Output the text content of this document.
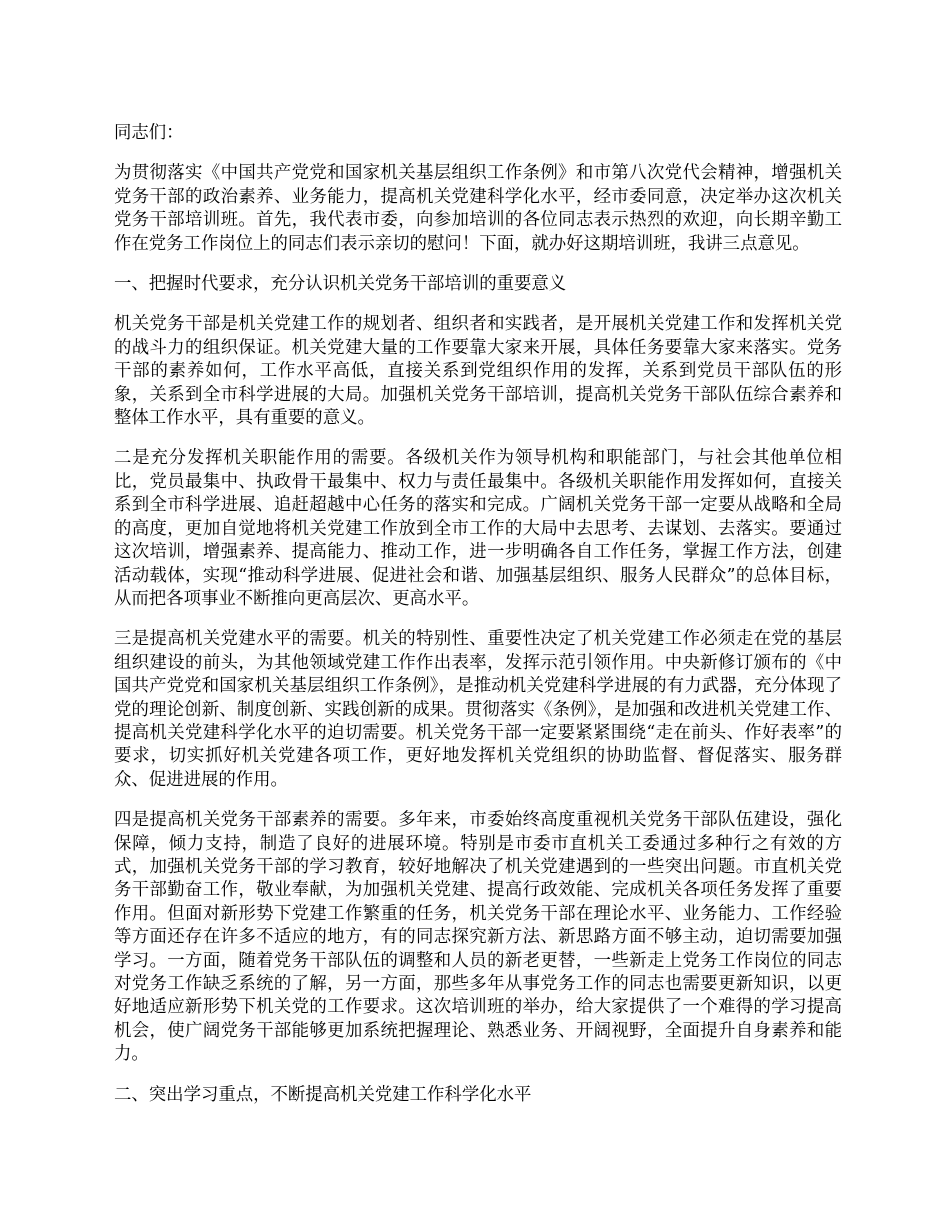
同志们：

为贯彻落实《中国共产党党和国家机关基层组织工作条例》和市第八次党代会精神，增强机关党务干部的政治素养、业务能力，提高机关党建科学化水平，经市委同意，决定举办这次机关党务干部培训班。首先，我代表市委，向参加培训的各位同志表示热烈的欢迎，向长期辛勤工作在党务工作岗位上的同志们表示亲切的慰问！下面，就办好这期培训班，我讲三点意见。

一、把握时代要求，充分认识机关党务干部培训的重要意义

机关党务干部是机关党建工作的规划者、组织者和实践者，是开展机关党建工作和发挥机关党的战斗力的组织保证。机关党建大量的工作要靠大家来开展，具体任务要靠大家来落实。党务干部的素养如何，工作水平高低，直接关系到党组织作用的发挥，关系到党员干部队伍的形象，关系到全市科学进展的大局。加强机关党务干部培训，提高机关党务干部队伍综合素养和整体工作水平，具有重要的意义。

二是充分发挥机关职能作用的需要。各级机关作为领导机构和职能部门，与社会其他单位相比，党员最集中、执政骨干最集中、权力与责任最集中。各级机关职能作用发挥如何，直接关系到全市科学进展、追赶超越中心任务的落实和完成。广阔机关党务干部一定要从战略和全局的高度，更加自觉地将机关党建工作放到全市工作的大局中去思考、去谋划、去落实。要通过这次培训，增强素养、提高能力、推动工作，进一步明确各自工作任务，掌握工作方法，创建活动载体，实现“推动科学进展、促进社会和谐、加强基层组织、服务人民群众”的总体目标，从而把各项事业不断推向更高层次、更高水平。

三是提高机关党建水平的需要。机关的特别性、重要性决定了机关党建工作必须走在党的基层组织建设的前头，为其他领域党建工作作出表率，发挥示范引领作用。中央新修订颁布的《中国共产党党和国家机关基层组织工作条例》，是推动机关党建科学进展的有力武器，充分体现了党的理论创新、制度创新、实践创新的成果。贯彻落实《条例》，是加强和改进机关党建工作、提高机关党建科学化水平的迫切需要。机关党务干部一定要紧紧围绕“走在前头、作好表率”的要求，切实抓好机关党建各项工作，更好地发挥机关党组织的协助监督、督促落实、服务群众、促进进展的作用。

四是提高机关党务干部素养的需要。多年来，市委始终高度重视机关党务干部队伍建设，强化保障，倾力支持，制造了良好的进展环境。特别是市委市直机关工委通过多种行之有效的方式，加强机关党务干部的学习教育，较好地解决了机关党建遇到的一些突出问题。市直机关党务干部勤奋工作，敬业奉献，为加强机关党建、提高行政效能、完成机关各项任务发挥了重要作用。但面对新形势下党建工作繁重的任务，机关党务干部在理论水平、业务能力、工作经验等方面还存在许多不适应的地方，有的同志探究新方法、新思路方面不够主动，迫切需要加强学习。一方面，随着党务干部队伍的调整和人员的新老更替，一些新走上党务工作岗位的同志对党务工作缺乏系统的了解，另一方面，那些多年从事党务工作的同志也需要更新知识，以更好地适应新形势下机关党的工作要求。这次培训班的举办，给大家提供了一个难得的学习提高机会，使广阔党务干部能够更加系统把握理论、熟悉业务、开阔视野，全面提升自身素养和能力。

二、突出学习重点，不断提高机关党建工作科学化水平
